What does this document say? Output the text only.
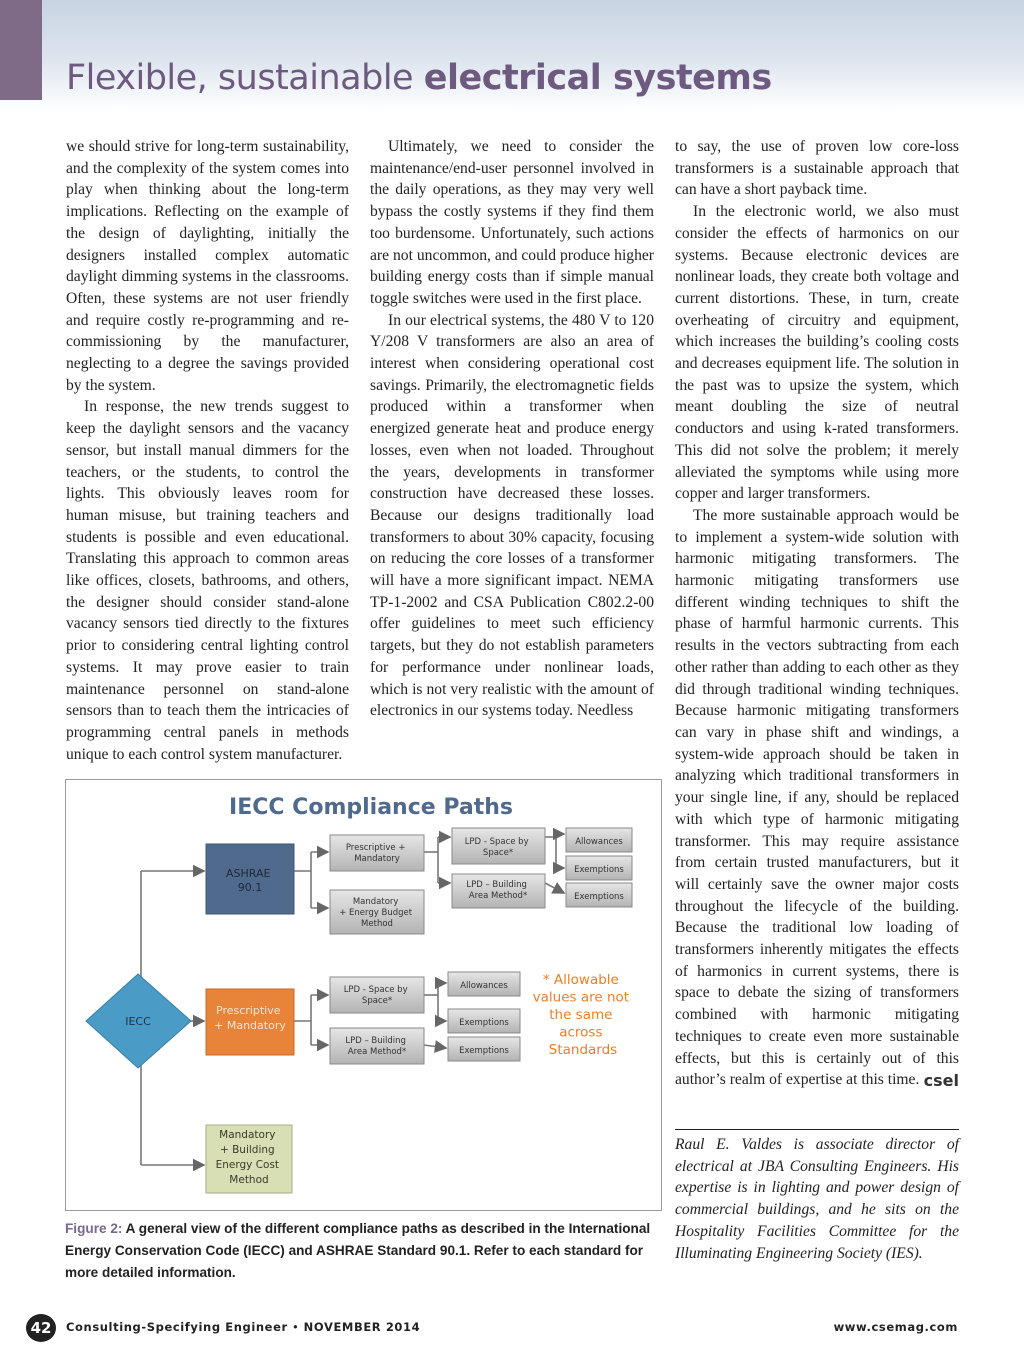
Flexible, sustainable electrical systems

we should strive for long-term sustainability, and the complexity of the system comes into play when thinking about the long-term implications. Reflecting on the example of the design of daylighting, initially the designers installed complex automatic daylight dimming systems in the classrooms. Often, these systems are not user friendly and require costly re-programming and re-commissioning by the manufacturer, neglecting to a degree the savings provided by the system.

In response, the new trends suggest to keep the daylight sensors and the vacancy sensor, but install manual dimmers for the teachers, or the students, to control the lights. This obviously leaves room for human misuse, but training teachers and students is possible and even educational. Translating this approach to common areas like offices, closets, bathrooms, and others, the designer should consider stand-alone vacancy sensors tied directly to the fixtures prior to considering central lighting control systems. It may prove easier to train maintenance personnel on stand-alone sensors than to teach them the intricacies of programming central panels in methods unique to each control system manufacturer.

Ultimately, we need to consider the maintenance/end-user personnel involved in the daily operations, as they may very well bypass the costly systems if they find them too burdensome. Unfortunately, such actions are not uncommon, and could produce higher building energy costs than if simple manual toggle switches were used in the first place.

In our electrical systems, the 480 V to 120 Y/208 V transformers are also an area of interest when considering operational cost savings. Primarily, the electromagnetic fields produced within a transformer when energized generate heat and produce energy losses, even when not loaded. Throughout the years, developments in transformer construction have decreased these losses. Because our designs traditionally load transformers to about 30% capacity, focusing on reducing the core losses of a transformer will have a more significant impact. NEMA TP-1-2002 and CSA Publication C802.2-00 offer guidelines to meet such efficiency targets, but they do not establish parameters for performance under nonlinear loads, which is not very realistic with the amount of electronics in our systems today. Needless

to say, the use of proven low core-loss transformers is a sustainable approach that can have a short payback time.

In the electronic world, we also must consider the effects of harmonics on our systems. Because electronic devices are nonlinear loads, they create both voltage and current distortions. These, in turn, create overheating of circuitry and equipment, which increases the building’s cooling costs and decreases equipment life. The solution in the past was to upsize the system, which meant doubling the size of neutral conductors and using k-rated transformers. This did not solve the problem; it merely alleviated the symptoms while using more copper and larger transformers.

The more sustainable approach would be to implement a system-wide solution with harmonic mitigating transformers. The harmonic mitigating transformers use different winding techniques to shift the phase of harmful harmonic currents. This results in the vectors subtracting from each other rather than adding to each other as they did through traditional winding techniques. Because harmonic mitigating transformers can vary in phase shift and windings, a system-wide approach should be taken in analyzing which traditional transformers in your single line, if any, should be replaced with which type of harmonic mitigating transformer. This may require assistance from certain trusted manufacturers, but it will certainly save the owner major costs throughout the lifecycle of the building. Because the traditional low loading of transformers inherently mitigates the effects of harmonics in current systems, there is space to debate the sizing of transformers combined with harmonic mitigating techniques to create even more sustainable effects, but this is certainly out of this author’s realm of expertise at this time. csel
Raul E. Valdes is associate director of electrical at JBA Consulting Engineers. His expertise is in lighting and power design of commercial buildings, and he sits on the Hospitality Facilities Committee for the Illuminating Engineering Society (IES).
IECC Compliance Paths
IECC
ASHRAE 90.1
Prescriptive + Mandatory
Mandatory + Building Energy Cost Method
Prescriptive + Mandatory
Mandatory + Energy Budget Method
LPD - Space by Space*
LPD – Building Area Method*
Allowances
Exemptions
Exemptions
LPD - Space by Space*
LPD – Building Area Method*
Allowances
Exemptions
Exemptions
* Allowable values are not the same across Standards
Figure 2: A general view of the different compliance paths as described in the International Energy Conservation Code (IECC) and ASHRAE Standard 90.1. Refer to each standard for more detailed information.
42	Consulting-Specifying Engineer • NOVEMBER 2014	www.csemag.com
